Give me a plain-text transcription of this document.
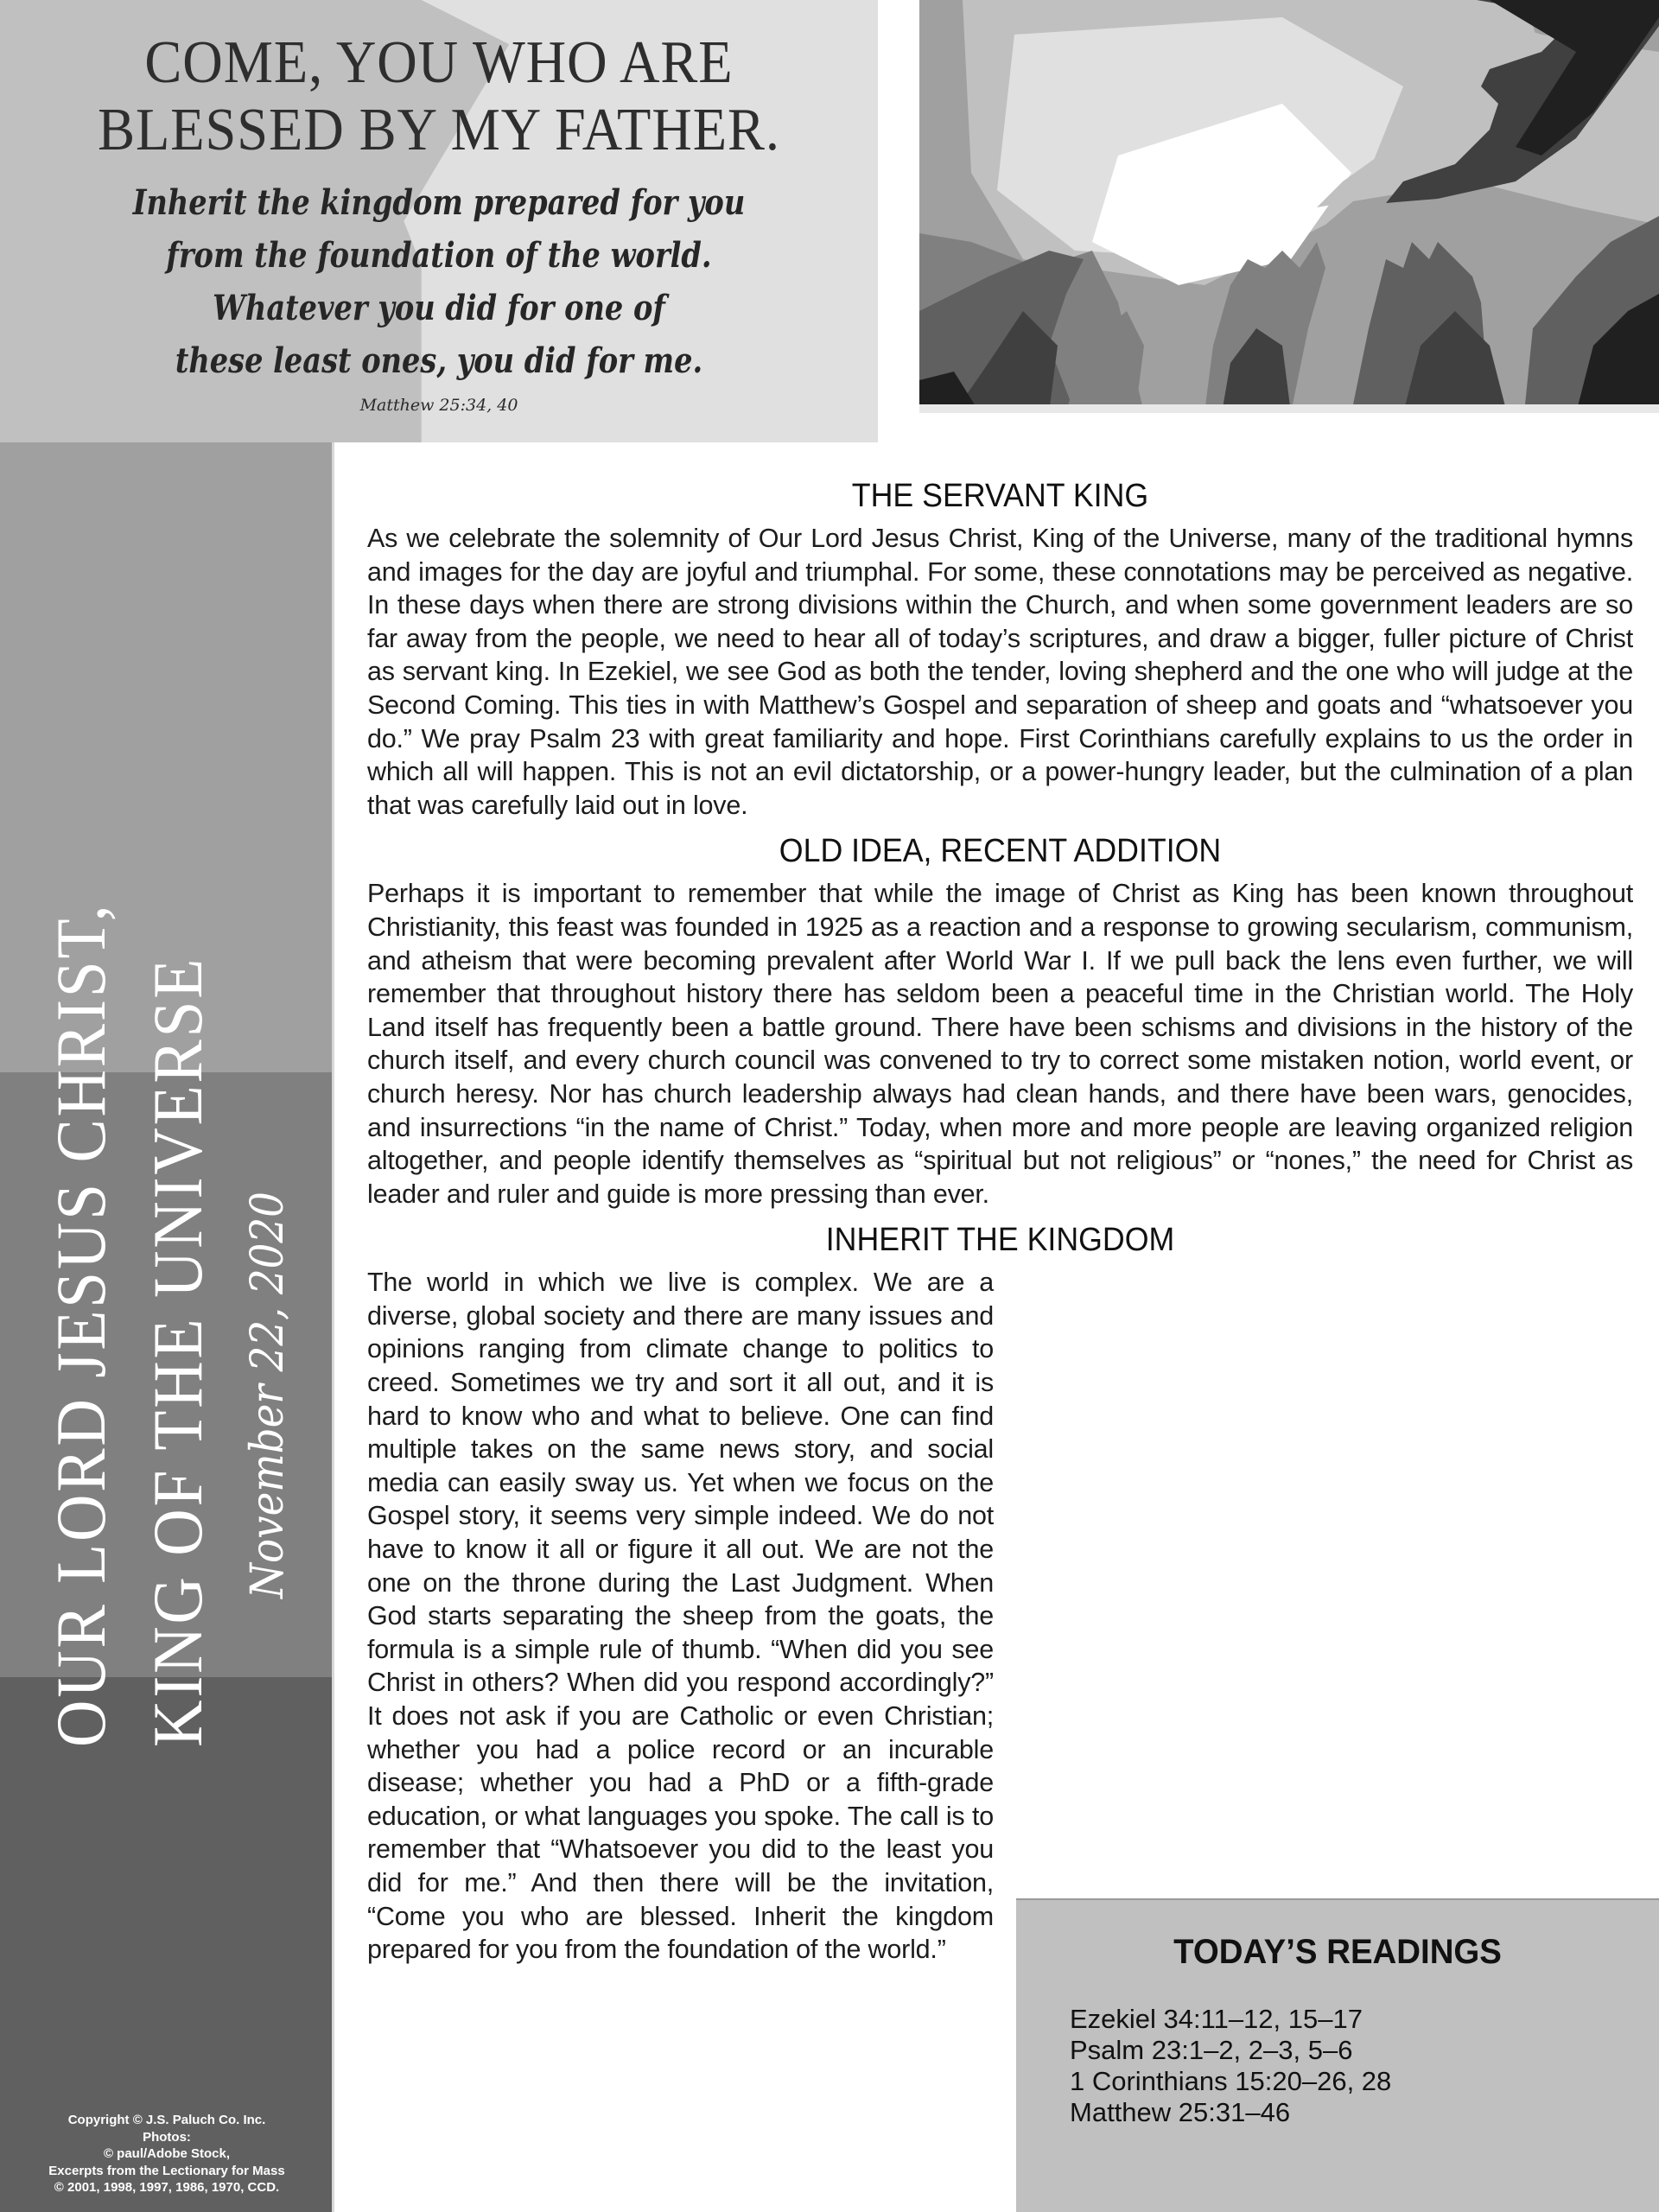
COME, YOU WHO ARE
BLESSED BY MY FATHER.
Inherit the kingdom prepared for you
from the foundation of the world.
Whatever you did for one of
these least ones, you did for me.
Matthew 25:34, 40
OUR LORD JESUS CHRIST, KING OF THE UNIVERSE November 22, 2020
Copyright © J.S. Paluch Co. Inc.
Photos:
© paul/Adobe Stock,
Excerpts from the Lectionary for Mass
© 2001, 1998, 1997, 1986, 1970, CCD.
THE SERVANT KING

As we celebrate the solemnity of Our Lord Jesus Christ, King of the Universe, many of the traditional hymns and images for the day are joyful and triumphal. For some, these connotations may be perceived as negative. In these days when there are strong divisions within the Church, and when some government leaders are so far away from the people, we need to hear all of today’s scriptures, and draw a bigger, fuller picture of Christ as servant king. In Ezekiel, we see God as both the tender, loving shepherd and the one who will judge at the Second Coming. This ties in with Matthew’s Gospel and separation of sheep and goats and “whatsoever you do.” We pray Psalm 23 with great familiarity and hope. First Corinthians carefully explains to us the order in which all will happen. This is not an evil dictatorship, or a power-hungry leader, but the culmination of a plan that was carefully laid out in love.

OLD IDEA, RECENT ADDITION

Perhaps it is important to remember that while the image of Christ as King has been known throughout Christianity, this feast was founded in 1925 as a reaction and a response to growing secularism, communism, and atheism that were becoming prevalent after World War I. If we pull back the lens even further, we will remember that throughout history there has seldom been a peaceful time in the Christian world. The Holy Land itself has frequently been a battle ground. There have been schisms and divisions in the history of the church itself, and every church council was convened to try to correct some mistaken notion, world event, or church heresy. Nor has church leadership always had clean hands, and there have been wars, genocides, and insurrections “in the name of Christ.” Today, when more and more people are leaving organized religion altogether, and people identify themselves as “spiritual but not religious” or “nones,” the need for Christ as leader and ruler and guide is more pressing than ever.

INHERIT THE KINGDOM

The world in which we live is complex. We are a diverse, global society and there are many issues and opinions ranging from climate change to politics to creed. Sometimes we try and sort it all out, and it is hard to know who and what to believe. One can find multiple takes on the same news story, and social media can easily sway us. Yet when we focus on the Gospel story, it seems very simple indeed. We do not have to know it all or figure it all out. We are not the one on the throne during the Last Judgment. When God starts separating the sheep from the goats, the formula is a simple rule of thumb. “When did you see Christ in others? When did you respond accordingly?” It does not ask if you are Catholic or even Christian; whether you had a police record or an incurable disease; whether you had a PhD or a fifth-grade education, or what languages you spoke. The call is to remember that “Whatsoever you did to the least you did for me.” And then there will be the invitation, “Come you who are blessed. Inherit the kingdom prepared for you from the foundation of the world.”	TODAY’S READINGS
Ezekiel 34:11–12, 15–17
Psalm 23:1–2, 2–3, 5–6
1 Corinthians 15:20–26, 28
Matthew 25:31–46
